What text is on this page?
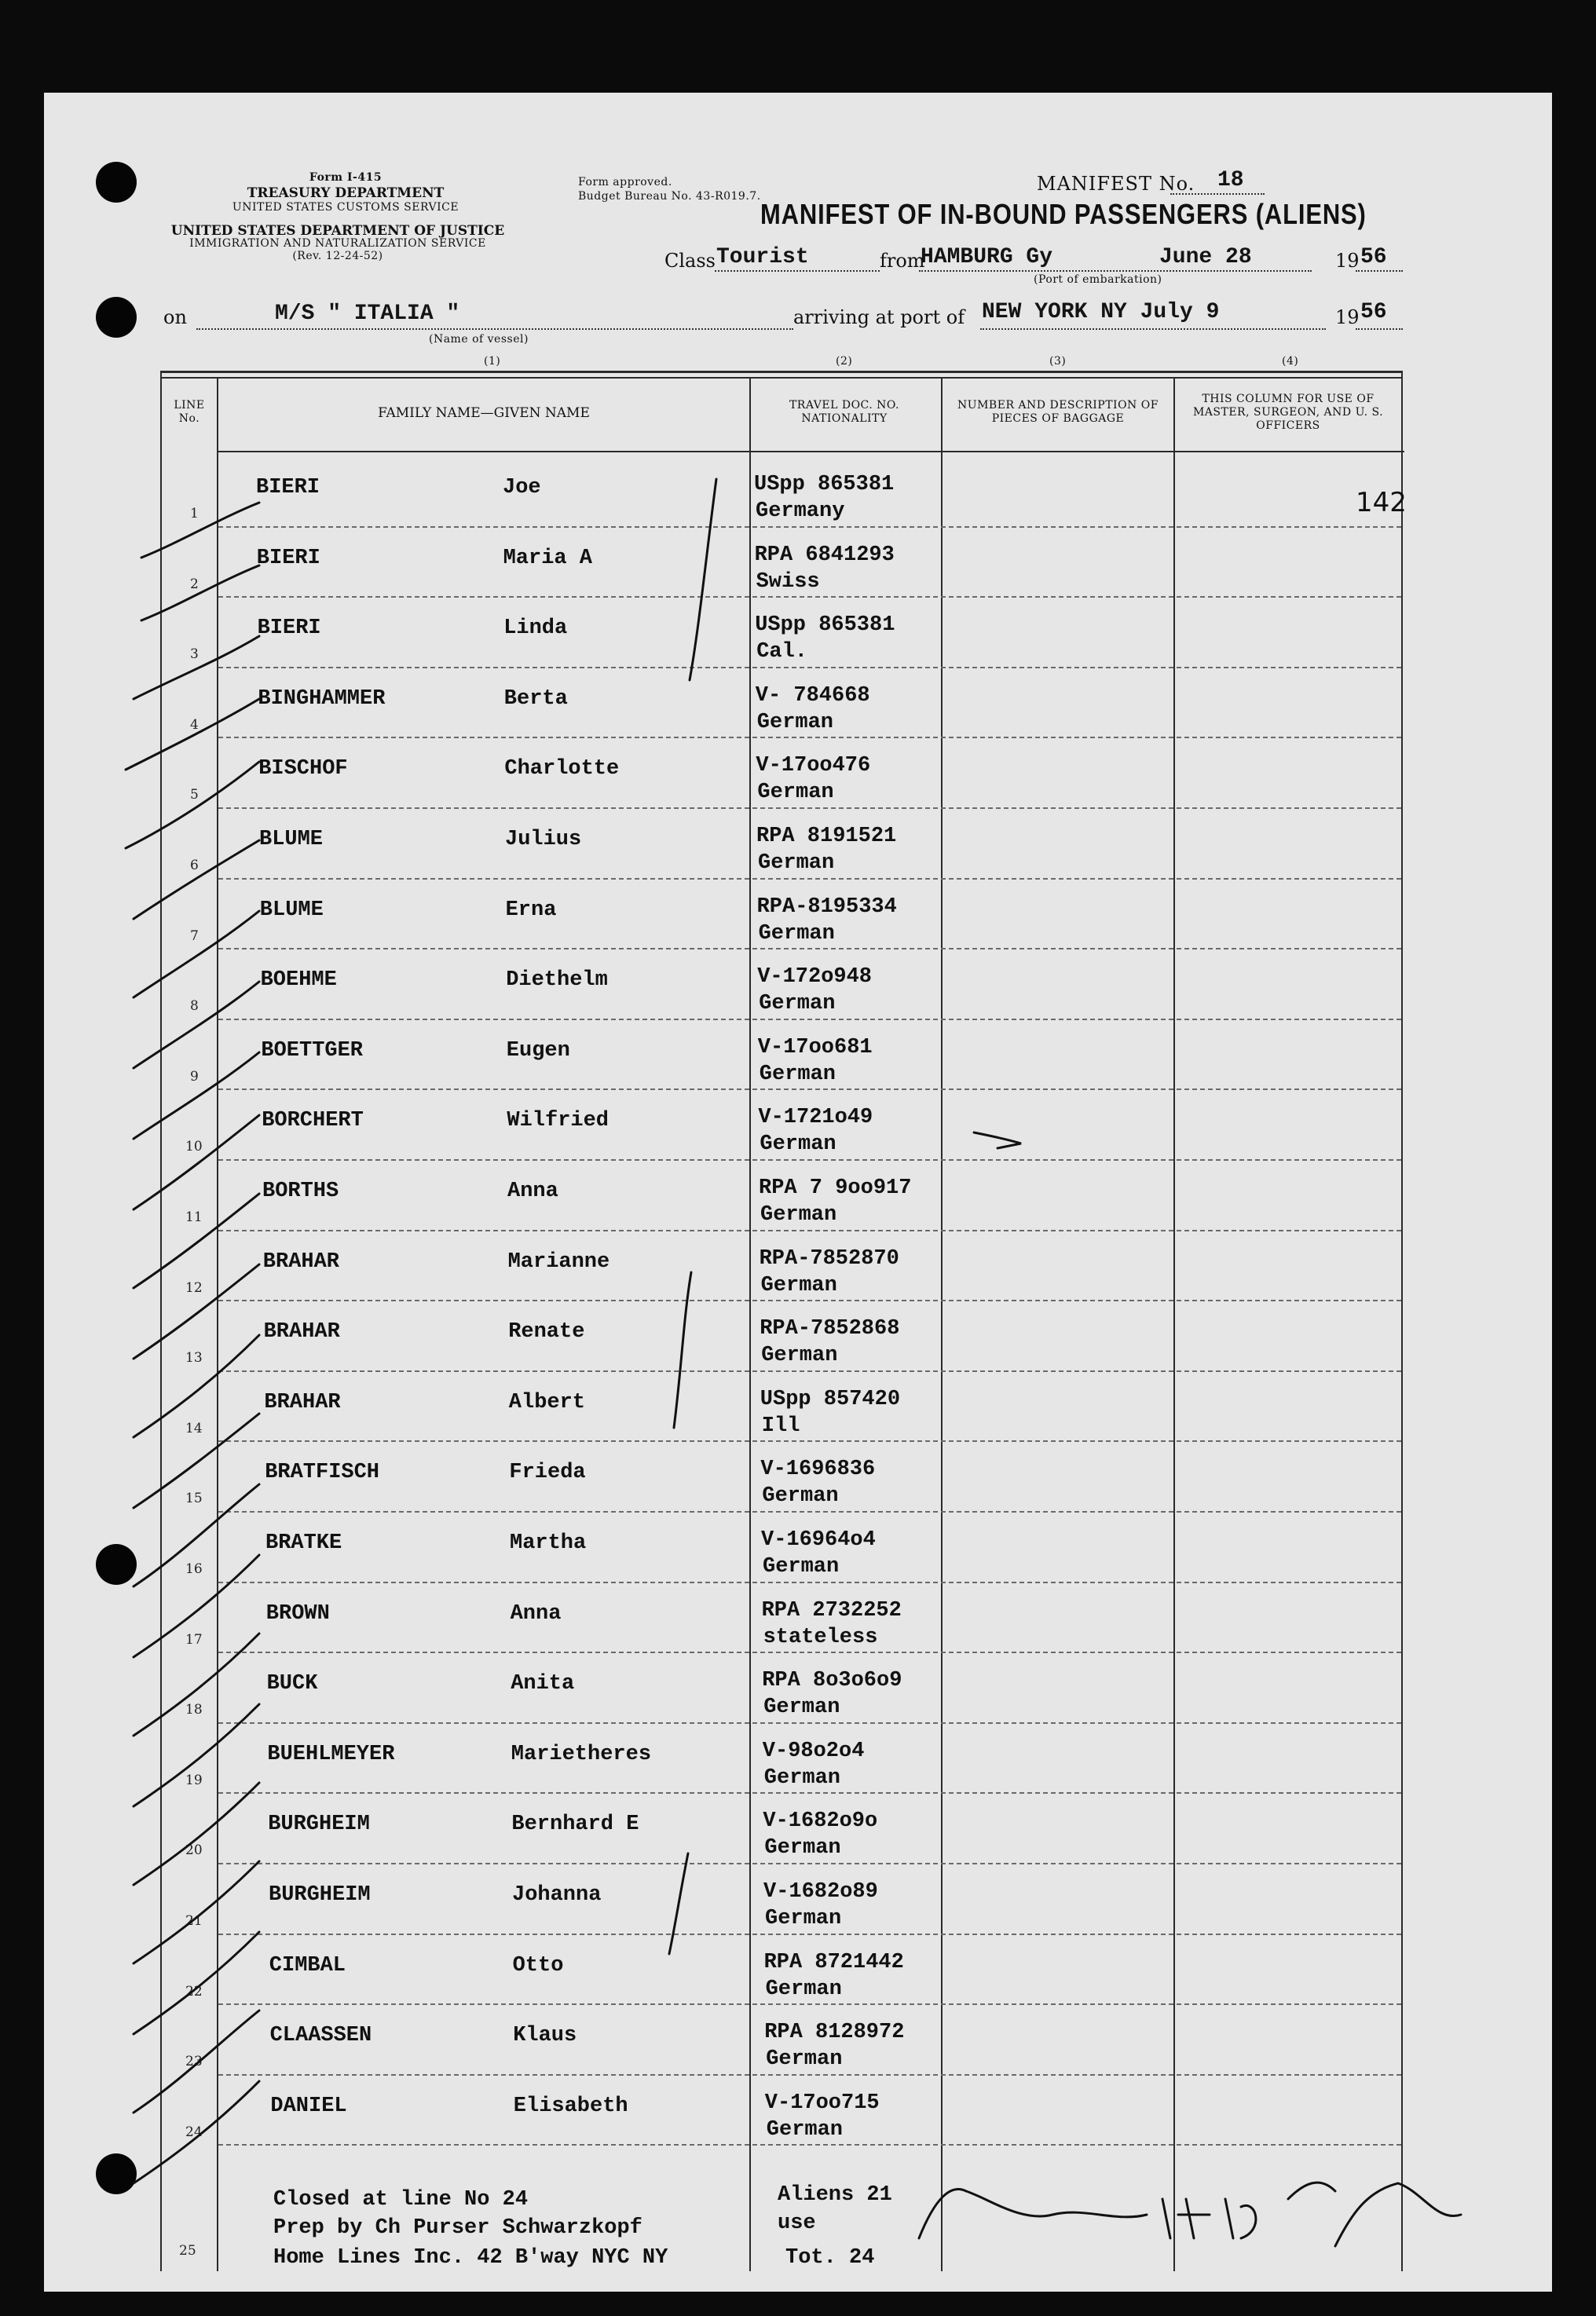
Form I-415
TREASURY DEPARTMENT
UNITED STATES CUSTOMS SERVICE
UNITED STATES DEPARTMENT OF JUSTICE
IMMIGRATION AND NATURALIZATION SERVICE
(Rev. 12-24-52)
Form approved.
Budget Bureau No. 43-R019.7.
MANIFEST No. 18
MANIFEST OF IN-BOUND PASSENGERS (ALIENS)
Class Tourist	from
HAMBURG Gy	June 28	19 56
(Port of embarkation)
on	M/S " ITALIA "
(Name of vessel)
arriving at port of NEW YORK NY July 9	19 56
(1)	(2)	(3)	(4)
LINE No.	FAMILY NAME—GIVEN NAME	TRAVEL DOC. NO. NATIONALITY
NUMBER AND DESCRIPTION OF PIECES OF BAGGAGE
THIS COLUMN FOR USE OF MASTER, SURGEON, AND U. S. OFFICERS
1
BIERI	Joe	USpp 865381
Germany	142
2
BIERI	Maria A	RPA 6841293
Swiss
3
BIERI	Linda	USpp 865381
Cal.
4
BINGHAMMER	Berta	V- 784668
German
5
BISCHOF	Charlotte	V-17oo476
German
6
BLUME	Julius	RPA 8191521
German
7
BLUME	Erna	RPA-8195334
German
8
BOEHME	Diethelm	V-172o948
German
9
BOETTGER	Eugen	V-17oo681
German
10
BORCHERT	Wilfried	V-1721o49
German
11
BORTHS	Anna	RPA 7 9oo917
German
12
BRAHAR	Marianne	RPA-7852870
German
13
BRAHAR	Renate	RPA-7852868
German
14
BRAHAR	Albert	USpp 857420
Ill
15
BRATFISCH	Frieda	V-1696836
German
16
BRATKE	Martha	V-16964o4
German
17
BROWN	Anna	RPA 2732252
stateless
18
BUCK	Anita	RPA 8o3o6o9
German
19
BUEHLMEYER	Marietheres	V-98o2o4
German
20
BURGHEIM	Bernhard E	V-1682o9o
German
21
BURGHEIM	Johanna	V-1682o89
German
22
CIMBAL	Otto	RPA 8721442
German
23
CLAASSEN	Klaus	RPA 8128972
German
24
DANIEL	Elisabeth	V-17oo715
German
25
Closed at line No 24
Prep by Ch Purser Schwarzkopf
Home Lines Inc. 42 B'way NYC NY
Aliens 21
use
Tot. 24
